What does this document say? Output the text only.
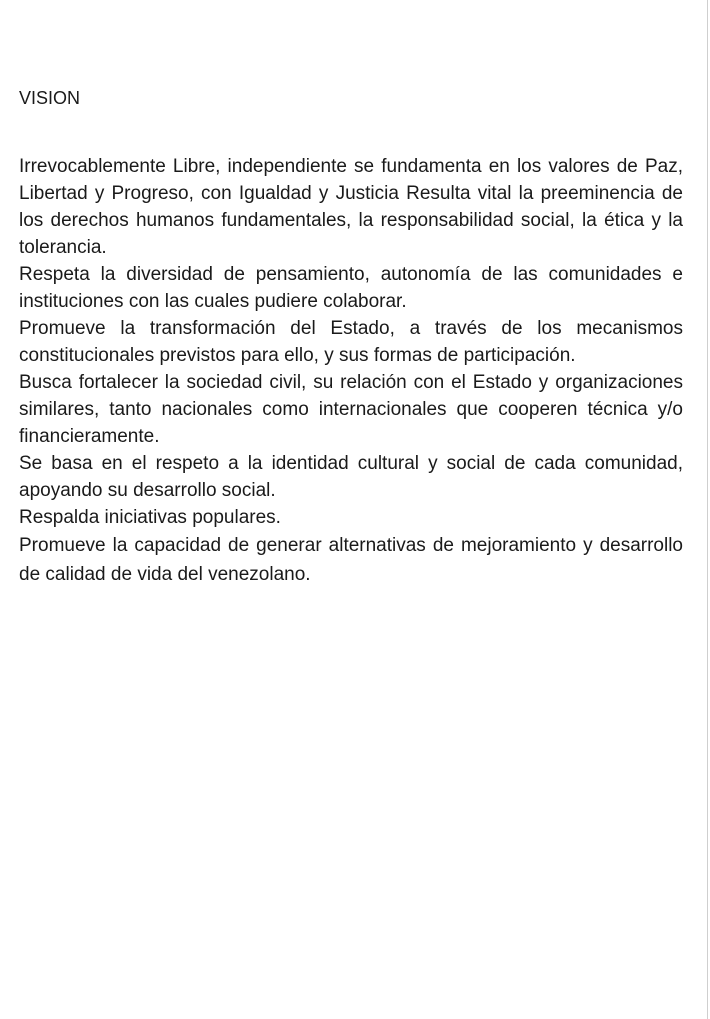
VISION

Irrevocablemente Libre, independiente se fundamenta en los valores de Paz, Libertad y Progreso, con Igualdad y Justicia Resulta vital la preeminencia de los derechos humanos fundamentales, la responsabilidad social, la ética y la tolerancia.

Respeta la diversidad de pensamiento, autonomía de las comunidades e instituciones con las cuales pudiere colaborar.

Promueve la transformación del Estado, a través de los mecanismos constitucionales previstos para ello, y sus formas de participación.

Busca fortalecer la sociedad civil, su relación con el Estado y organizaciones similares, tanto nacionales como internacionales que cooperen técnica y/o financieramente.

Se basa en el respeto a la identidad cultural y social de cada comunidad, apoyando su desarrollo social.

Respalda iniciativas populares.

Promueve la capacidad de generar alternativas de mejoramiento y desarrollo de calidad de vida del venezolano.
